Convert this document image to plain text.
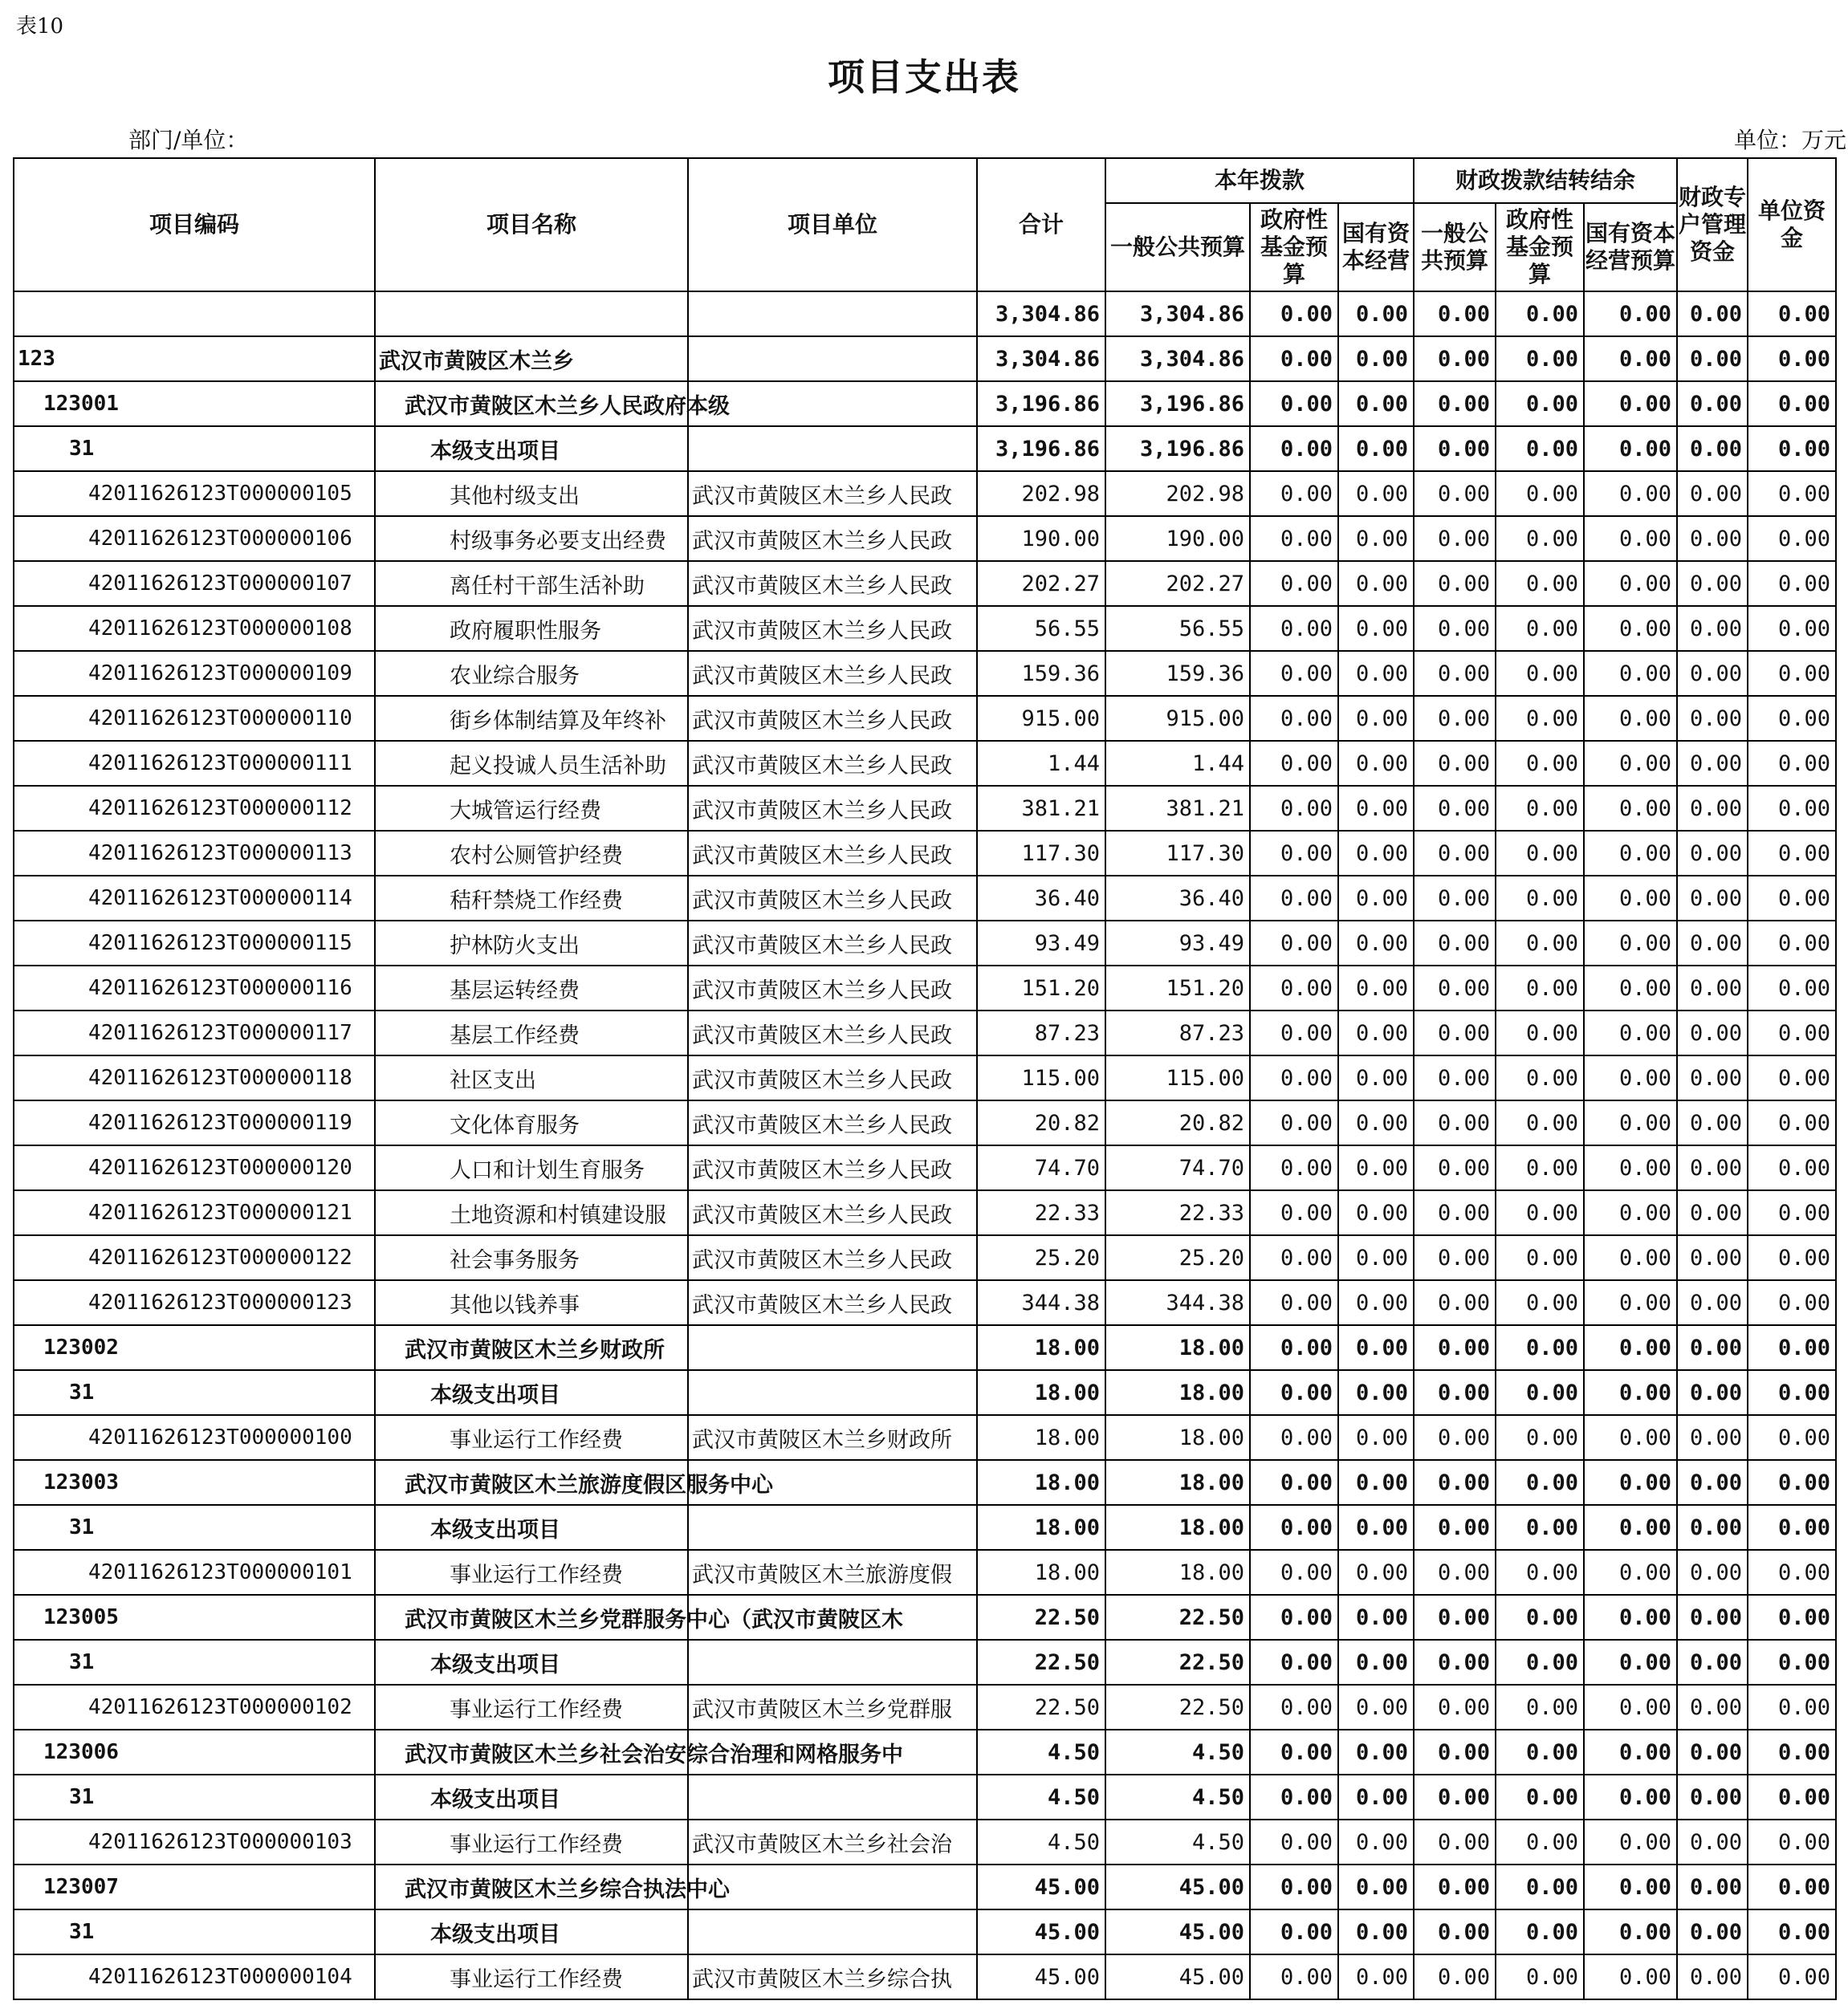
表10
项目支出表
部门/单位：	单位：万元
项目编码	项目名称	项目单位	合计	本年拨款			财政拨款结转结余			财政专户管理资金	单位资金
				一般公共预算	政府性基金预算	国有资本经营	一般公共预算	政府性基金预算	国有资本经营预算		
			3,304.86	3,304.86	0.00	0.00	0.00	0.00	0.00	0.00	0.00
123	武汉市黄陂区木兰乡		3,304.86	3,304.86	0.00	0.00	0.00	0.00	0.00	0.00	0.00
123001	武汉市黄陂区木兰乡人民政府本级		3,196.86	3,196.86	0.00	0.00	0.00	0.00	0.00	0.00	0.00
31	本级支出项目		3,196.86	3,196.86	0.00	0.00	0.00	0.00	0.00	0.00	0.00
42011626123T000000105	其他村级支出	武汉市黄陂区木兰乡人民政	202.98	202.98	0.00	0.00	0.00	0.00	0.00	0.00	0.00
42011626123T000000106	村级事务必要支出经费	武汉市黄陂区木兰乡人民政	190.00	190.00	0.00	0.00	0.00	0.00	0.00	0.00	0.00
42011626123T000000107	离任村干部生活补助	武汉市黄陂区木兰乡人民政	202.27	202.27	0.00	0.00	0.00	0.00	0.00	0.00	0.00
42011626123T000000108	政府履职性服务	武汉市黄陂区木兰乡人民政	56.55	56.55	0.00	0.00	0.00	0.00	0.00	0.00	0.00
42011626123T000000109	农业综合服务	武汉市黄陂区木兰乡人民政	159.36	159.36	0.00	0.00	0.00	0.00	0.00	0.00	0.00
42011626123T000000110	街乡体制结算及年终补	武汉市黄陂区木兰乡人民政	915.00	915.00	0.00	0.00	0.00	0.00	0.00	0.00	0.00
42011626123T000000111	起义投诚人员生活补助	武汉市黄陂区木兰乡人民政	1.44	1.44	0.00	0.00	0.00	0.00	0.00	0.00	0.00
42011626123T000000112	大城管运行经费	武汉市黄陂区木兰乡人民政	381.21	381.21	0.00	0.00	0.00	0.00	0.00	0.00	0.00
42011626123T000000113	农村公厕管护经费	武汉市黄陂区木兰乡人民政	117.30	117.30	0.00	0.00	0.00	0.00	0.00	0.00	0.00
42011626123T000000114	秸秆禁烧工作经费	武汉市黄陂区木兰乡人民政	36.40	36.40	0.00	0.00	0.00	0.00	0.00	0.00	0.00
42011626123T000000115	护林防火支出	武汉市黄陂区木兰乡人民政	93.49	93.49	0.00	0.00	0.00	0.00	0.00	0.00	0.00
42011626123T000000116	基层运转经费	武汉市黄陂区木兰乡人民政	151.20	151.20	0.00	0.00	0.00	0.00	0.00	0.00	0.00
42011626123T000000117	基层工作经费	武汉市黄陂区木兰乡人民政	87.23	87.23	0.00	0.00	0.00	0.00	0.00	0.00	0.00
42011626123T000000118	社区支出	武汉市黄陂区木兰乡人民政	115.00	115.00	0.00	0.00	0.00	0.00	0.00	0.00	0.00
42011626123T000000119	文化体育服务	武汉市黄陂区木兰乡人民政	20.82	20.82	0.00	0.00	0.00	0.00	0.00	0.00	0.00
42011626123T000000120	人口和计划生育服务	武汉市黄陂区木兰乡人民政	74.70	74.70	0.00	0.00	0.00	0.00	0.00	0.00	0.00
42011626123T000000121	土地资源和村镇建设服	武汉市黄陂区木兰乡人民政	22.33	22.33	0.00	0.00	0.00	0.00	0.00	0.00	0.00
42011626123T000000122	社会事务服务	武汉市黄陂区木兰乡人民政	25.20	25.20	0.00	0.00	0.00	0.00	0.00	0.00	0.00
42011626123T000000123	其他以钱养事	武汉市黄陂区木兰乡人民政	344.38	344.38	0.00	0.00	0.00	0.00	0.00	0.00	0.00
123002	武汉市黄陂区木兰乡财政所		18.00	18.00	0.00	0.00	0.00	0.00	0.00	0.00	0.00
31	本级支出项目		18.00	18.00	0.00	0.00	0.00	0.00	0.00	0.00	0.00
42011626123T000000100	事业运行工作经费	武汉市黄陂区木兰乡财政所	18.00	18.00	0.00	0.00	0.00	0.00	0.00	0.00	0.00
123003	武汉市黄陂区木兰旅游度假区服务中心		18.00	18.00	0.00	0.00	0.00	0.00	0.00	0.00	0.00
31	本级支出项目		18.00	18.00	0.00	0.00	0.00	0.00	0.00	0.00	0.00
42011626123T000000101	事业运行工作经费	武汉市黄陂区木兰旅游度假	18.00	18.00	0.00	0.00	0.00	0.00	0.00	0.00	0.00
123005	武汉市黄陂区木兰乡党群服务中心（武汉市黄陂区木		22.50	22.50	0.00	0.00	0.00	0.00	0.00	0.00	0.00
31	本级支出项目		22.50	22.50	0.00	0.00	0.00	0.00	0.00	0.00	0.00
42011626123T000000102	事业运行工作经费	武汉市黄陂区木兰乡党群服	22.50	22.50	0.00	0.00	0.00	0.00	0.00	0.00	0.00
123006	武汉市黄陂区木兰乡社会治安综合治理和网格服务中		4.50	4.50	0.00	0.00	0.00	0.00	0.00	0.00	0.00
31	本级支出项目		4.50	4.50	0.00	0.00	0.00	0.00	0.00	0.00	0.00
42011626123T000000103	事业运行工作经费	武汉市黄陂区木兰乡社会治	4.50	4.50	0.00	0.00	0.00	0.00	0.00	0.00	0.00
123007	武汉市黄陂区木兰乡综合执法中心		45.00	45.00	0.00	0.00	0.00	0.00	0.00	0.00	0.00
31	本级支出项目		45.00	45.00	0.00	0.00	0.00	0.00	0.00	0.00	0.00
42011626123T000000104	事业运行工作经费	武汉市黄陂区木兰乡综合执	45.00	45.00	0.00	0.00	0.00	0.00	0.00	0.00	0.00
